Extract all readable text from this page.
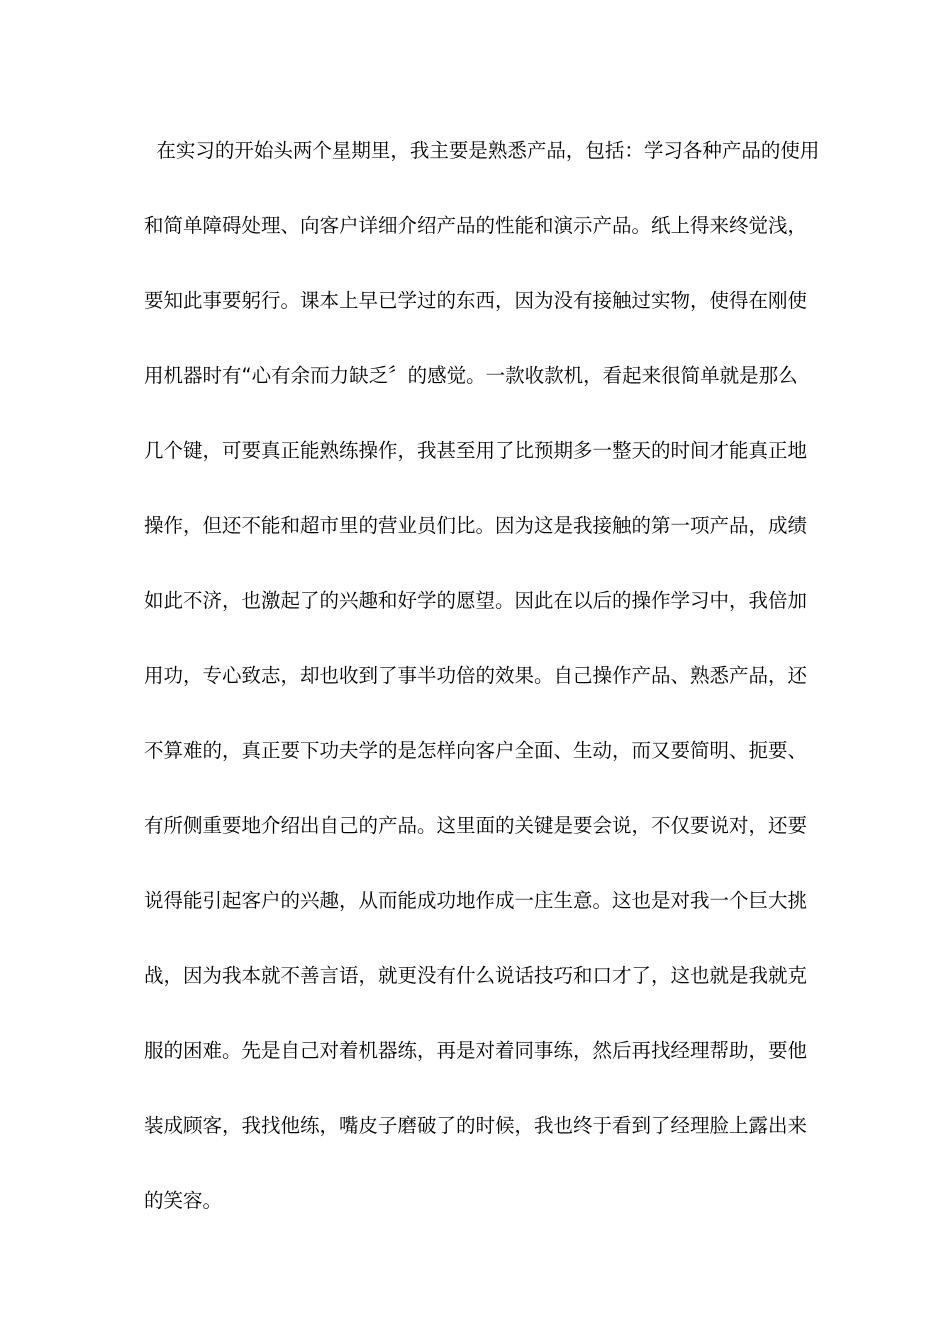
在实习的开始头两个星期里，我主要是熟悉产品，包括：学习各种产品的使用
和简单障碍处理、向客户详细介绍产品的性能和演示产品。纸上得来终觉浅，
要知此事要躬行。课本上早已学过的东西，因为没有接触过实物，使得在刚使
用机器时有“心有余而力缺乏〞的感觉。一款收款机，看起来很简单就是那么
几个键，可要真正能熟练操作，我甚至用了比预期多一整天的时间才能真正地
操作，但还不能和超市里的营业员们比。因为这是我接触的第一项产品，成绩
如此不济，也激起了的兴趣和好学的愿望。因此在以后的操作学习中，我倍加
用功，专心致志，却也收到了事半功倍的效果。自己操作产品、熟悉产品，还
不算难的，真正要下功夫学的是怎样向客户全面、生动，而又要简明、扼要、
有所侧重要地介绍出自己的产品。这里面的关键是要会说，不仅要说对，还要
说得能引起客户的兴趣，从而能成功地作成一庄生意。这也是对我一个巨大挑
战，因为我本就不善言语，就更没有什么说话技巧和口才了，这也就是我就克
服的困难。先是自己对着机器练，再是对着同事练，然后再找经理帮助，要他
装成顾客，我找他练，嘴皮子磨破了的时候，我也终于看到了经理脸上露出来
的笑容。
